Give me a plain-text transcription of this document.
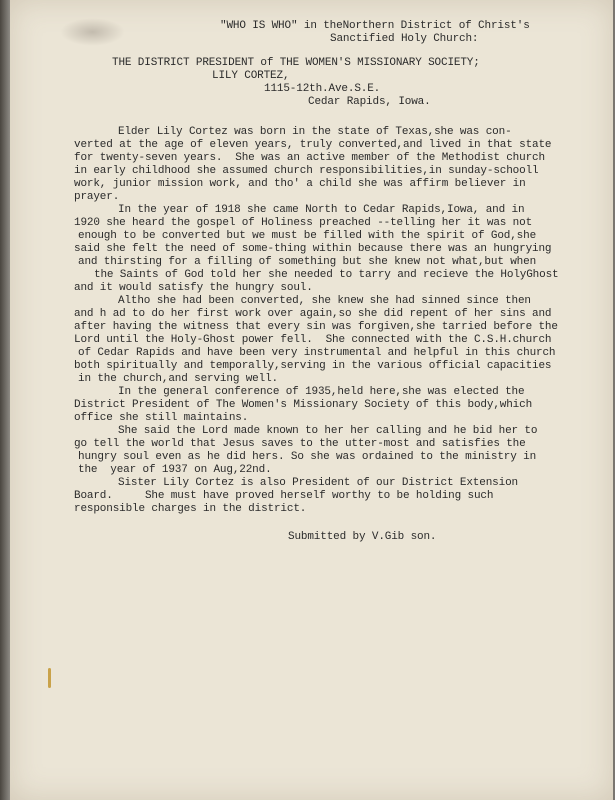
"WHO IS WHO" in theNorthern District of Christ's

Sanctified Holy Church:

THE DISTRICT PRESIDENT of THE WOMEN'S MISSIONARY SOCIETY;

LILY CORTEZ,

1115-12th.Ave.S.E.

Cedar Rapids, Iowa.

Elder Lily Cortez was born in the state of Texas,she was con-

verted at the age of eleven years, truly converted,and lived in that state

for twenty-seven years.  She was an active member of the Methodist church

in early childhood she assumed church responsibilities,in sunday-schooll

work, junior mission work, and tho' a child she was affirm believer in

prayer.

In the year of 1918 she came North to Cedar Rapids,Iowa, and in

1920 she heard the gospel of Holiness preached --telling her it was not

enough to be converted but we must be filled with the spirit of God,she

said she felt the need of some-thing within because there was an hungrying

and thirsting for a filling of something but she knew not what,but when

the Saints of God told her she needed to tarry and recieve the HolyGhost

and it would satisfy the hungry soul.

Altho she had been converted, she knew she had sinned since then

and h ad to do her first work over again,so she did repent of her sins and

after having the witness that every sin was forgiven,she tarried before the

Lord until the Holy-Ghost power fell.  She connected with the C.S.H.church

of Cedar Rapids and have been very instrumental and helpful in this church

both spiritually and temporally,serving in the various official capacities

in the church,and serving well.

In the general conference of 1935,held here,she was elected the

District President of The Women's Missionary Society of this body,which

office she still maintains.

She said the Lord made known to her her calling and he bid her to

go tell the world that Jesus saves to the utter-most and satisfies the

hungry soul even as he did hers. So she was ordained to the ministry in

the  year of 1937 on Aug,22nd.

Sister Lily Cortez is also President of our District Extension

Board.     She must have proved herself worthy to be holding such

responsible charges in the district.

Submitted by V.Gib son.
